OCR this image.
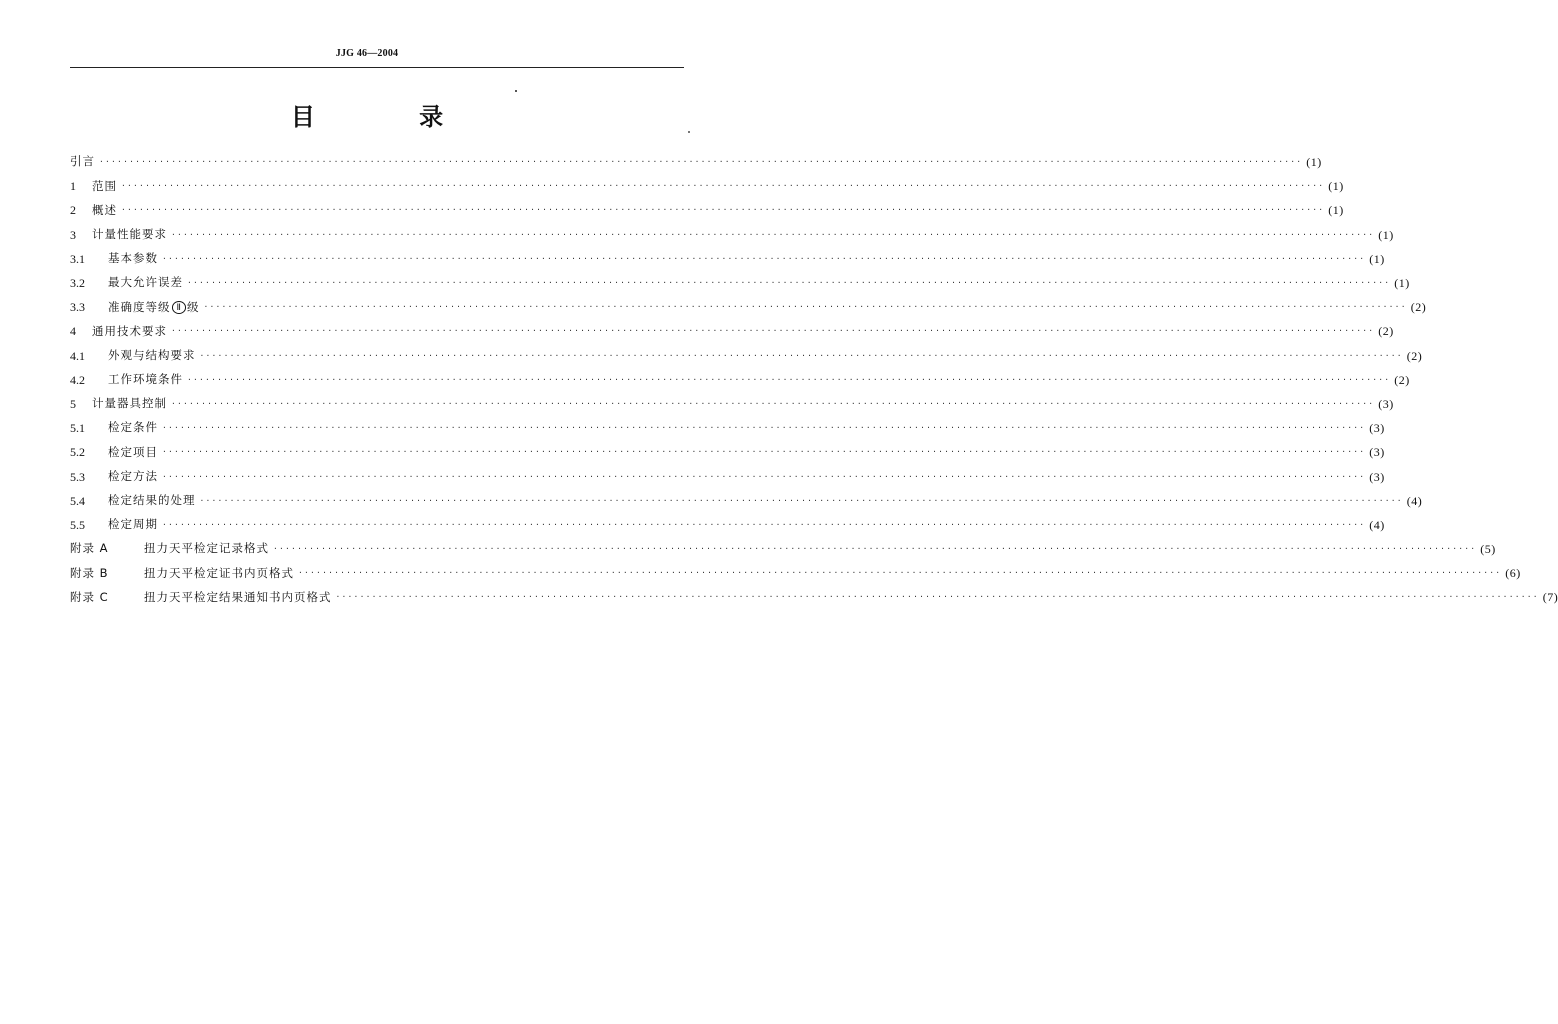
JJG 46—2004
目 录
引言 ········································································································································································································ (1)
1	范围 ········································································································································································································ (1)
2	概述 ········································································································································································································ (1)
3	计量性能要求 ········································································································································································································ (1)
3.1	基本参数 ········································································································································································································ (1)
3.2	最大允许误差 ········································································································································································································ (1)
3.3	准确度等级 Ⅱ 级 ········································································································································································································ (2)
4	通用技术要求 ········································································································································································································ (2)
4.1	外观与结构要求 ········································································································································································································ (2)
4.2	工作环境条件 ········································································································································································································ (2)
5	计量器具控制 ········································································································································································································ (3)
5.1	检定条件 ········································································································································································································ (3)
5.2	检定项目 ········································································································································································································ (3)
5.3	检定方法 ········································································································································································································ (3)
5.4	检定结果的处理 ········································································································································································································ (4)
5.5	检定周期 ········································································································································································································ (4)
附录 A	扭力天平检定记录格式 ········································································································································································································ (5)
附录 B	扭力天平检定证书内页格式 ········································································································································································································ (6)
附录 C	扭力天平检定结果通知书内页格式 ········································································································································································································ (7)
